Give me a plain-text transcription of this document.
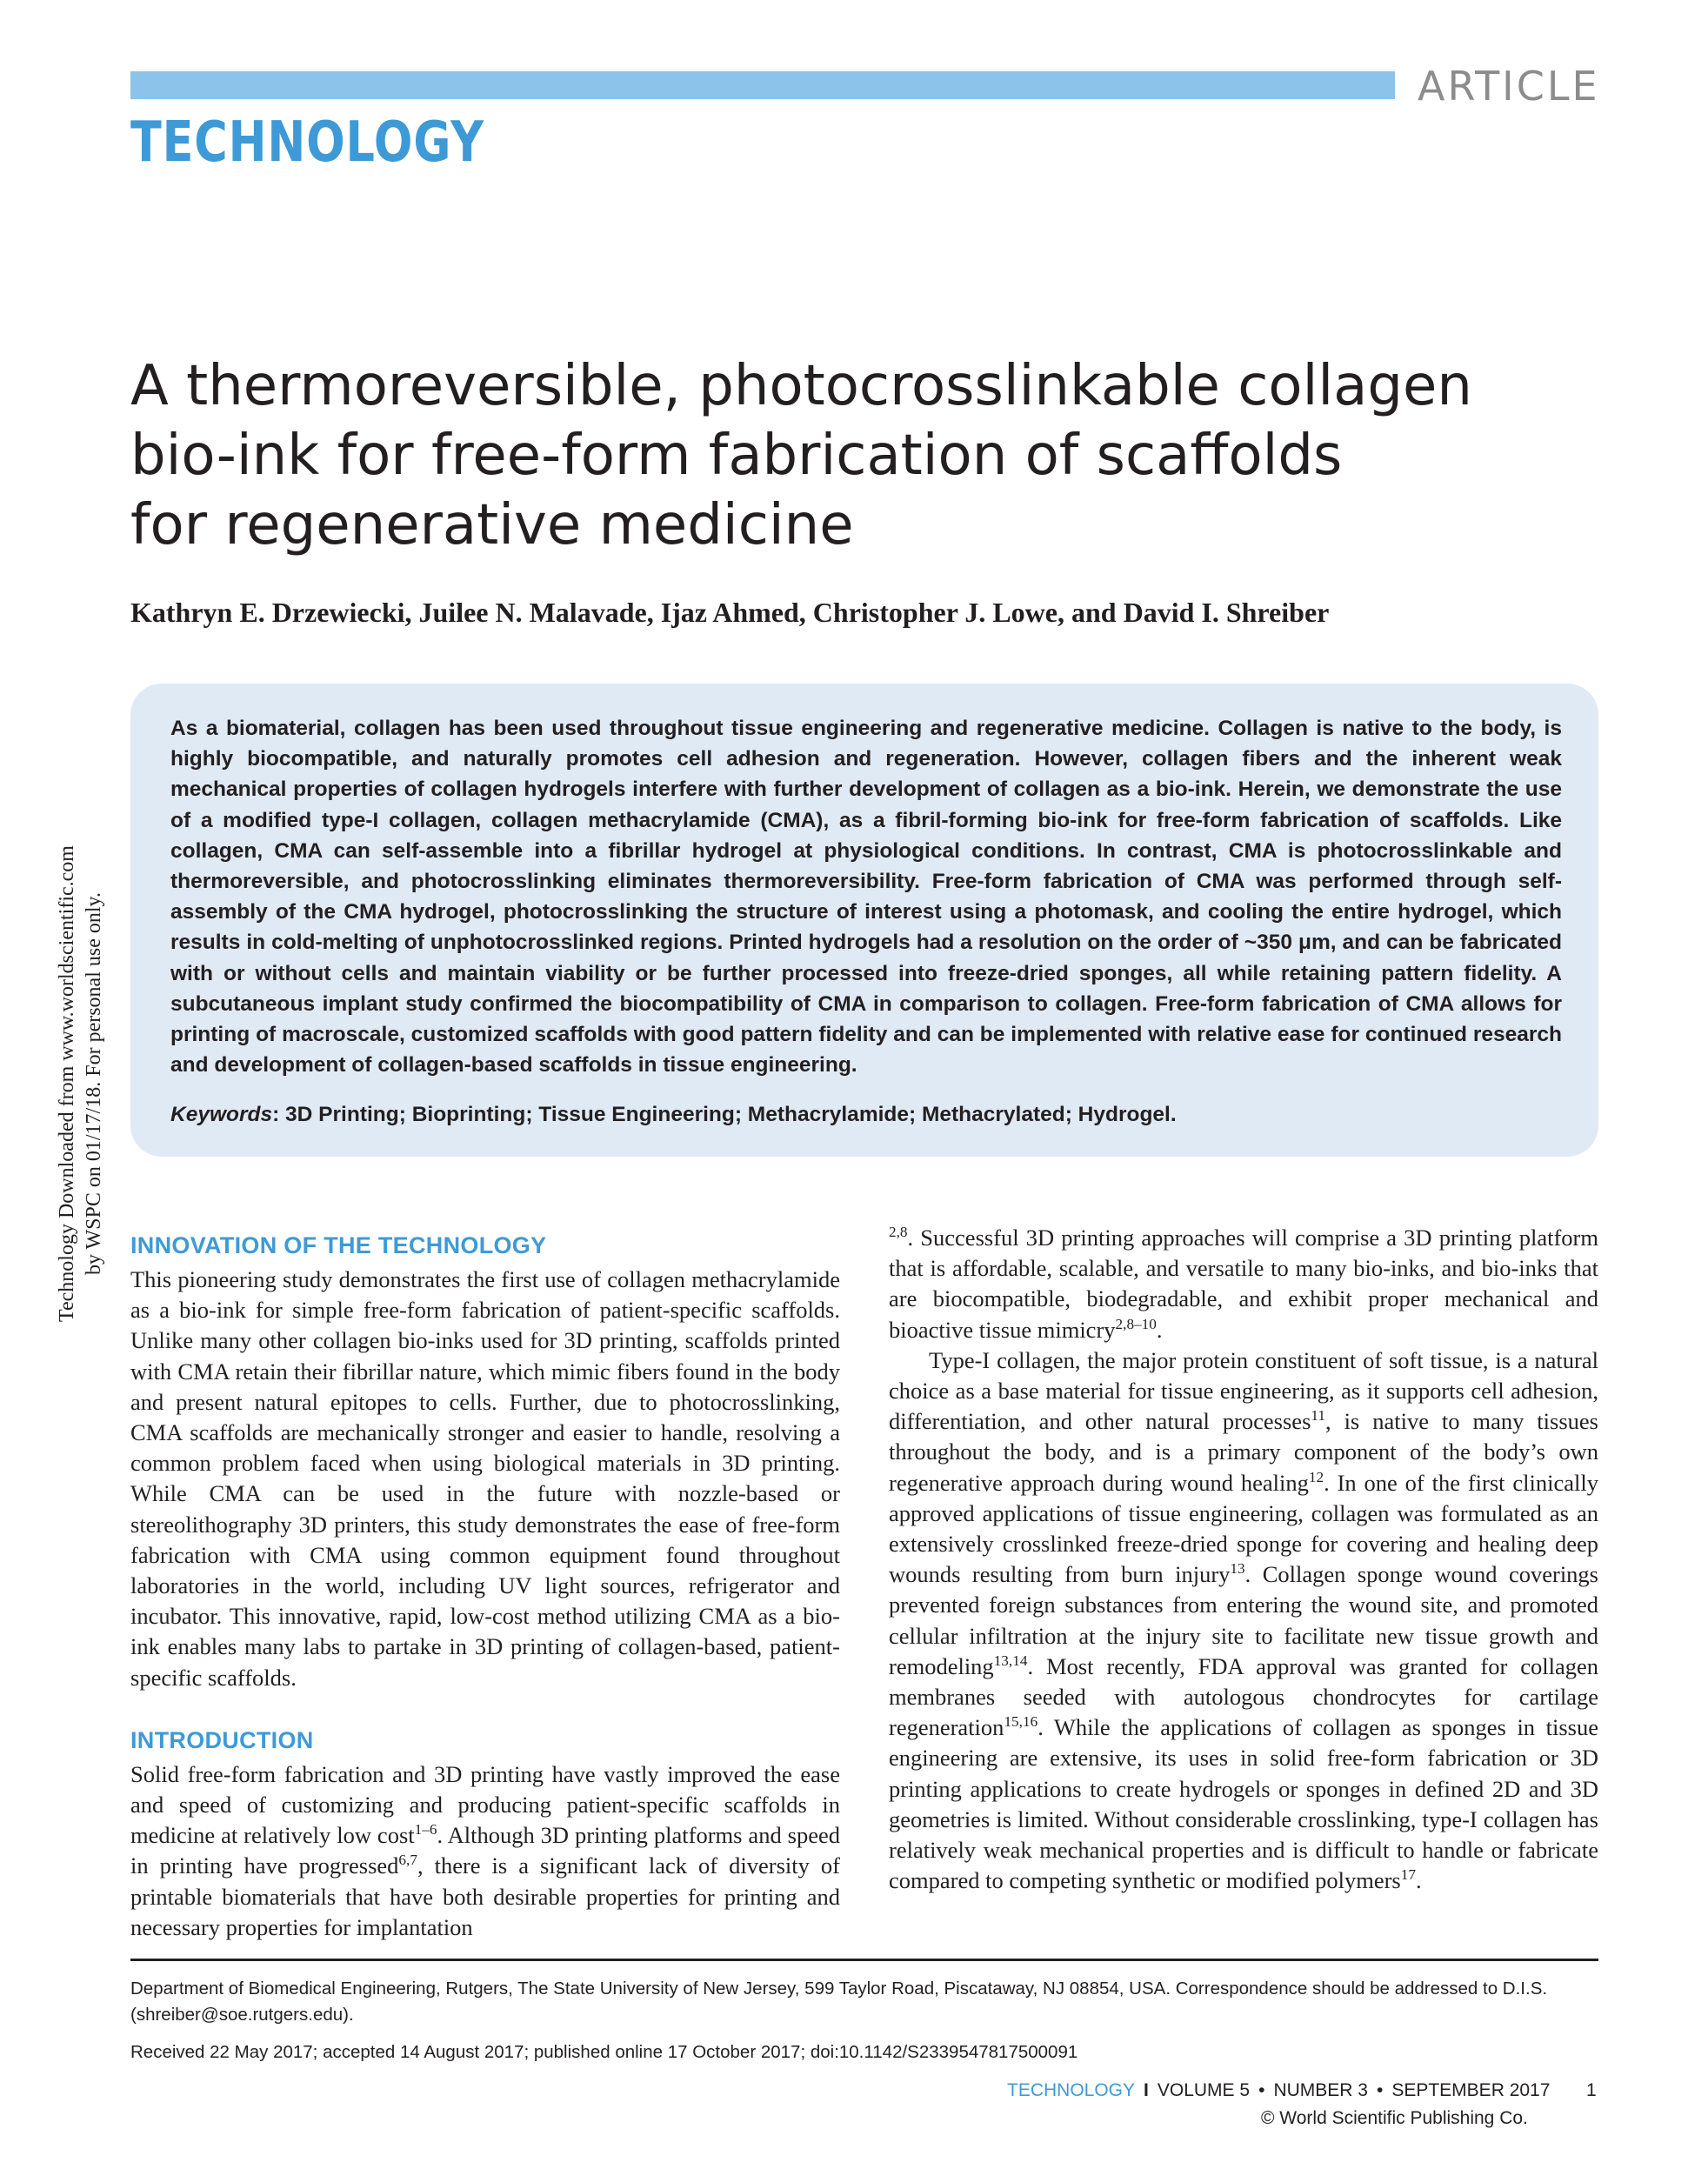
ARTICLE
TECHNOLOGY
Technology Downloaded from www.worldscientific.com by WSPC on 01/17/18. For personal use only.
A thermoreversible, photocrosslinkable collagen
bio-ink for free-form fabrication of scaffolds
for regenerative medicine
Kathryn E. Drzewiecki, Juilee N. Malavade, Ijaz Ahmed, Christopher J. Lowe, and David I. Shreiber
As a biomaterial, collagen has been used throughout tissue engineering and regenerative medicine. Collagen is native to the body, is highly biocompatible, and naturally promotes cell adhesion and regeneration. However, collagen fibers and the inherent weak mechanical properties of collagen hydrogels interfere with further development of collagen as a bio-ink. Herein, we demonstrate the use of a modified type-I collagen, collagen methacrylamide (CMA), as a fibril-forming bio-ink for free-form fabrication of scaffolds. Like collagen, CMA can self-assemble into a fibrillar hydrogel at physiological conditions. In contrast, CMA is photocrosslinkable and thermoreversible, and photocrosslinking eliminates thermoreversibility. Free-form fabrication of CMA was performed through self-assembly of the CMA hydrogel, photocrosslinking the structure of interest using a photomask, and cooling the entire hydrogel, which results in cold-melting of unphotocrosslinked regions. Printed hydrogels had a resolution on the order of ~350 μm, and can be fabricated with or without cells and maintain viability or be further processed into freeze-dried sponges, all while retaining pattern fidelity. A subcutaneous implant study confirmed the biocompatibility of CMA in comparison to collagen. Free-form fabrication of CMA allows for printing of macroscale, customized scaffolds with good pattern fidelity and can be implemented with relative ease for continued research and development of collagen-based scaffolds in tissue engineering.
Keywords: 3D Printing; Bioprinting; Tissue Engineering; Methacrylamide; Methacrylated; Hydrogel.
INNOVATION OF THE TECHNOLOGY

This pioneering study demonstrates the first use of collagen methacrylamide as a bio-ink for simple free-form fabrication of patient-specific scaffolds. Unlike many other collagen bio-inks used for 3D printing, scaffolds printed with CMA retain their fibrillar nature, which mimic fibers found in the body and present natural epitopes to cells. Further, due to photocrosslinking, CMA scaffolds are mechanically stronger and easier to handle, resolving a common problem faced when using biological materials in 3D printing. While CMA can be used in the future with nozzle-based or stereolithography 3D printers, this study demonstrates the ease of free-form fabrication with CMA using common equipment found throughout laboratories in the world, including UV light sources, refrigerator and incubator. This innovative, rapid, low-cost method utilizing CMA as a bio-ink enables many labs to partake in 3D printing of collagen-based, patient-specific scaffolds.

INTRODUCTION

Solid free-form fabrication and 3D printing have vastly improved the ease and speed of customizing and producing patient-specific scaffolds in medicine at relatively low cost$^{1-6}$. Although 3D printing platforms and speed in printing have progressed$^{6,7}$, there is a significant lack of diversity of printable biomaterials that have both desirable properties for printing and necessary properties for implantation

$^{2,8}$. Successful 3D printing approaches will comprise a 3D printing platform that is affordable, scalable, and versatile to many bio-inks, and bio-inks that are biocompatible, biodegradable, and exhibit proper mechanical and bioactive tissue mimicry$^{2,8-10}$.

Type-I collagen, the major protein constituent of soft tissue, is a natural choice as a base material for tissue engineering, as it supports cell adhesion, differentiation, and other natural processes$^{11}$, is native to many tissues throughout the body, and is a primary component of the body’s own regenerative approach during wound healing$^{12}$. In one of the first clinically approved applications of tissue engineering, collagen was formulated as an extensively crosslinked freeze-dried sponge for covering and healing deep wounds resulting from burn injury$^{13}$. Collagen sponge wound coverings prevented foreign substances from entering the wound site, and promoted cellular infiltration at the injury site to facilitate new tissue growth and remodeling$^{13,14}$. Most recently, FDA approval was granted for collagen membranes seeded with autologous chondrocytes for cartilage regeneration$^{15,16}$. While the applications of collagen as sponges in tissue engineering are extensive, its uses in solid free-form fabrication or 3D printing applications to create hydrogels or sponges in defined 2D and 3D geometries is limited. Without considerable crosslinking, type-I collagen has relatively weak mechanical properties and is difficult to handle or fabricate compared to competing synthetic or modified polymers$^{17}$.

Department of Biomedical Engineering, Rutgers, The State University of New Jersey, 599 Taylor Road, Piscataway, NJ 08854, USA. Correspondence should be addressed to D.I.S. (shreiber@soe.rutgers.edu).
Received 22 May 2017; accepted 14 August 2017; published online 17 October 2017; doi:10.1142/S2339547817500091
TECHNOLOGY I VOLUME 5 • NUMBER 3 • SEPTEMBER 2017 1
© World Scientific Publishing Co.
